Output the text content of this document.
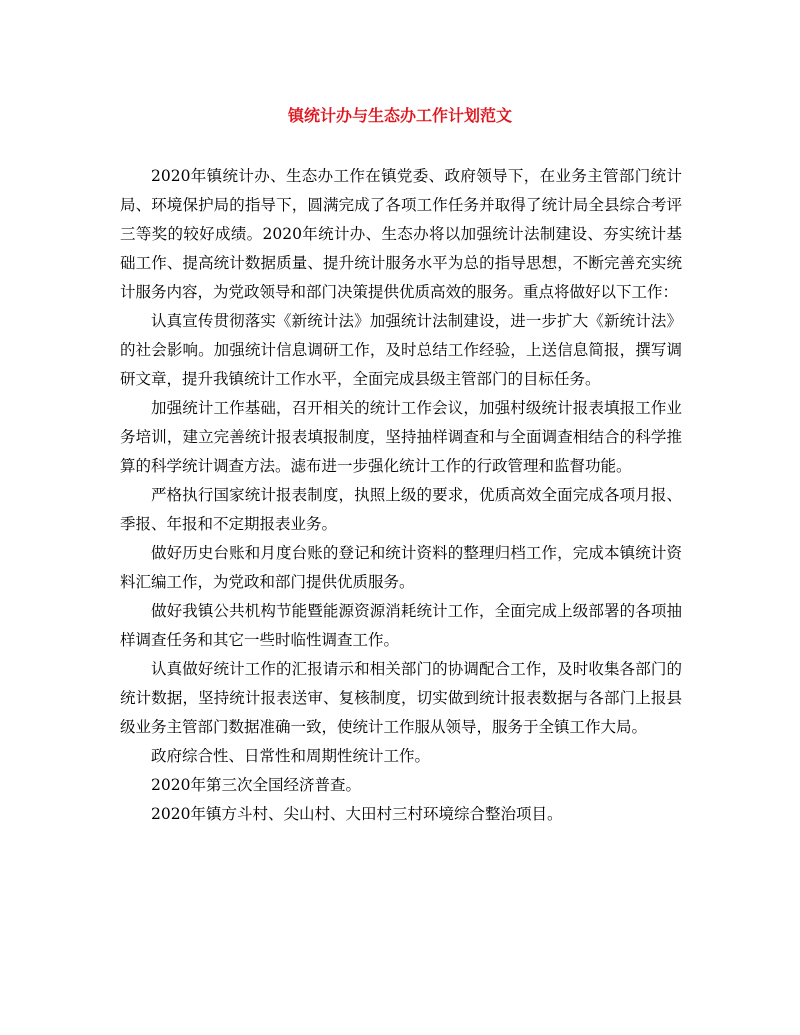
镇统计办与生态办工作计划范文

2020年镇统计办、生态办工作在镇党委、政府领导下，在业务主管部门统计局、环境保护局的指导下，圆满完成了各项工作任务并取得了统计局全县综合考评三等奖的较好成绩。2020年统计办、生态办将以加强统计法制建设、夯实统计基础工作、提高统计数据质量、提升统计服务水平为总的指导思想，不断完善充实统计服务内容，为党政领导和部门决策提供优质高效的服务。重点将做好以下工作：

认真宣传贯彻落实《新统计法》加强统计法制建设，进一步扩大《新统计法》的社会影响。加强统计信息调研工作，及时总结工作经验，上送信息简报，撰写调研文章，提升我镇统计工作水平，全面完成县级主管部门的目标任务。

加强统计工作基础，召开相关的统计工作会议，加强村级统计报表填报工作业务培训，建立完善统计报表填报制度，坚持抽样调查和与全面调查相结合的科学推算的科学统计调查方法。滤布进一步强化统计工作的行政管理和监督功能。

严格执行国家统计报表制度，执照上级的要求，优质高效全面完成各项月报、季报、年报和不定期报表业务。

做好历史台账和月度台账的登记和统计资料的整理归档工作，完成本镇统计资料汇编工作，为党政和部门提供优质服务。

做好我镇公共机构节能暨能源资源消耗统计工作，全面完成上级部署的各项抽样调查任务和其它一些时临性调查工作。

认真做好统计工作的汇报请示和相关部门的协调配合工作，及时收集各部门的统计数据，坚持统计报表送审、复核制度，切实做到统计报表数据与各部门上报县级业务主管部门数据准确一致，使统计工作服从领导，服务于全镇工作大局。

政府综合性、日常性和周期性统计工作。

2020年第三次全国经济普查。

2020年镇方斗村、尖山村、大田村三村环境综合整治项目。
